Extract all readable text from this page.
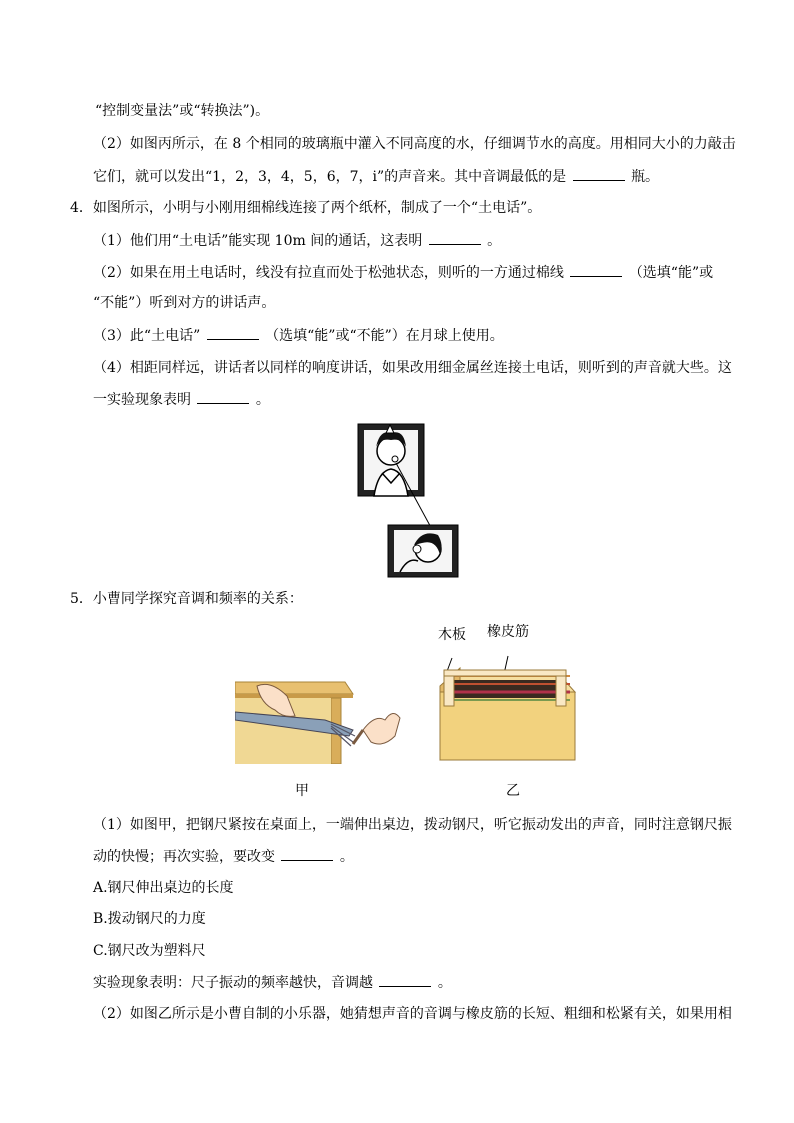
“控制变量法”或“转换法”)。
（2）如图丙所示，在 8 个相同的玻璃瓶中灌入不同高度的水，仔细调节水的高度。用相同大小的力敲击
它们，就可以发出“1，2，3，4，5，6，7，i”的声音来。其中音调最低的是	瓶。
4．如图所示，小明与小刚用细棉线连接了两个纸杯，制成了一个“土电话”。
（1）他们用“土电话”能实现 10m 间的通话，这表明	。
（2）如果在用土电话时，线没有拉直而处于松弛状态，则听的一方通过棉线	（选填“能”或
“不能”）听到对方的讲话声。
（3）此“土电话”	（选填“能”或“不能”）在月球上使用。
（4）相距同样远，讲话者以同样的响度讲话，如果改用细金属丝连接土电话，则听到的声音就大些。这
一实验现象表明	。
5．小曹同学探究音调和频率的关系：
木板 橡皮筋
甲	乙
（1）如图甲，把钢尺紧按在桌面上，一端伸出桌边，拨动钢尺，听它振动发出的声音，同时注意钢尺振
动的快慢；再次实验，要改变	。
A.钢尺伸出桌边的长度
B.拨动钢尺的力度
C.钢尺改为塑料尺
实验现象表明：尺子振动的频率越快，音调越	。
（2）如图乙所示是小曹自制的小乐器，她猜想声音的音调与橡皮筋的长短、粗细和松紧有关，如果用相
